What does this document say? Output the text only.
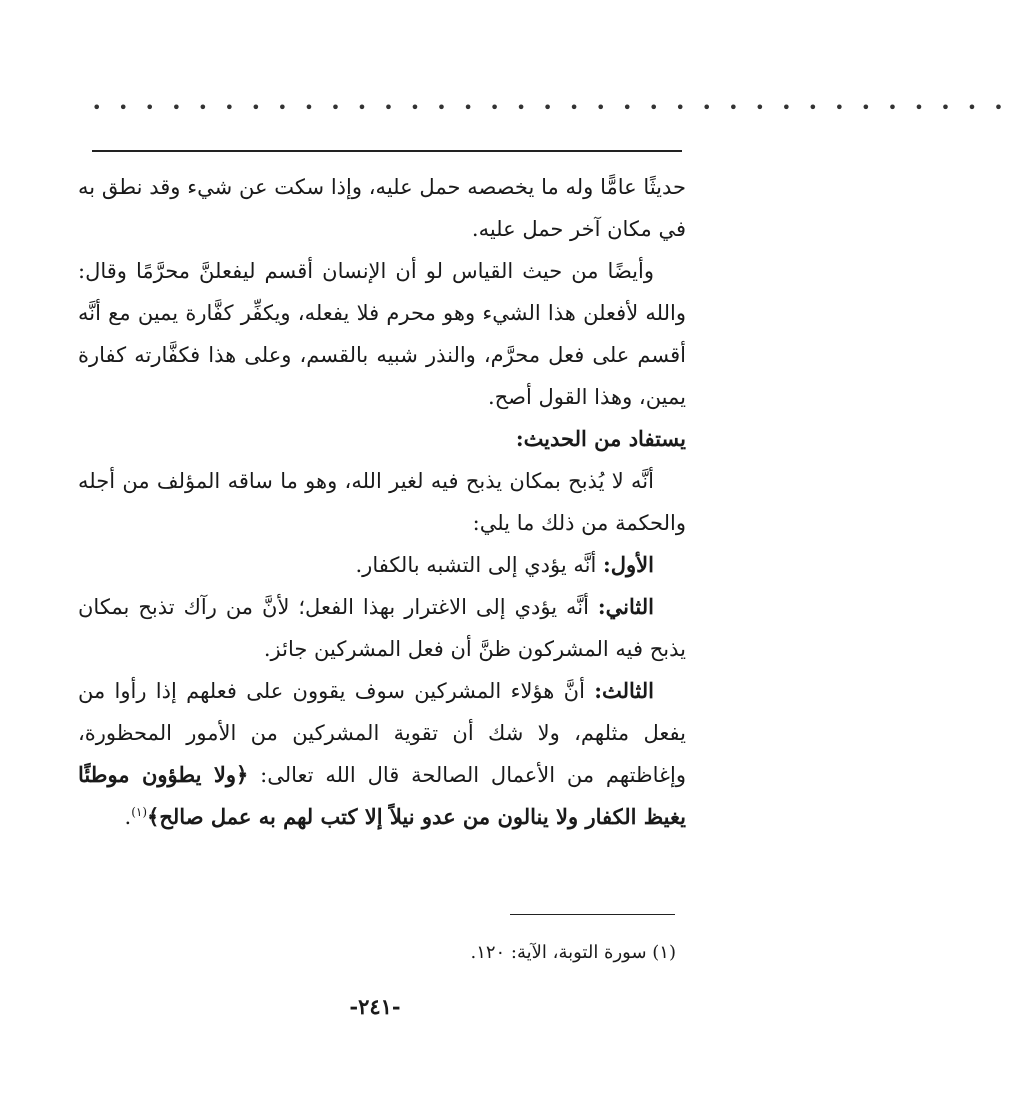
• • • • • • • • • • • • • • • • • • • • • • • • • • • • • • • • • • •

حديثًا عامًّا وله ما يخصصه حمل عليه، وإذا سكت عن شيء وقد نطق به في مكان آخر حمل عليه.

وأيضًا من حيث القياس لو أن الإنسان أقسم ليفعلنَّ محرَّمًا وقال: والله لأفعلن هذا الشيء وهو محرم فلا يفعله، ويكفِّر كفَّارة يمين مع أنَّه أقسم على فعل محرَّم، والنذر شبيه بالقسم، وعلى هذا فكفَّارته كفارة يمين، وهذا القول أصح.

يستفاد من الحديث:

أنَّه لا يُذبح بمكان يذبح فيه لغير الله، وهو ما ساقه المؤلف من أجله والحكمة من ذلك ما يلي:

الأول: أنَّه يؤدي إلى التشبه بالكفار.

الثاني: أنَّه يؤدي إلى الاغترار بهذا الفعل؛ لأنَّ من رآك تذبح بمكان يذبح فيه المشركون ظنَّ أن فعل المشركين جائز.

الثالث: أنَّ هؤلاء المشركين سوف يقوون على فعلهم إذا رأوا من يفعل مثلهم، ولا شك أن تقوية المشركين من الأمور المحظورة، وإغاظتهم من الأعمال الصالحة قال الله تعالى: ﴿ولا يطؤون موطئًا يغيظ الكفار ولا ينالون من عدو نيلاً إلا كتب لهم به عمل صالح﴾$^{(١)}$.

(١) سورة التوبة، الآية: ١٢٠.
-٢٤١-
